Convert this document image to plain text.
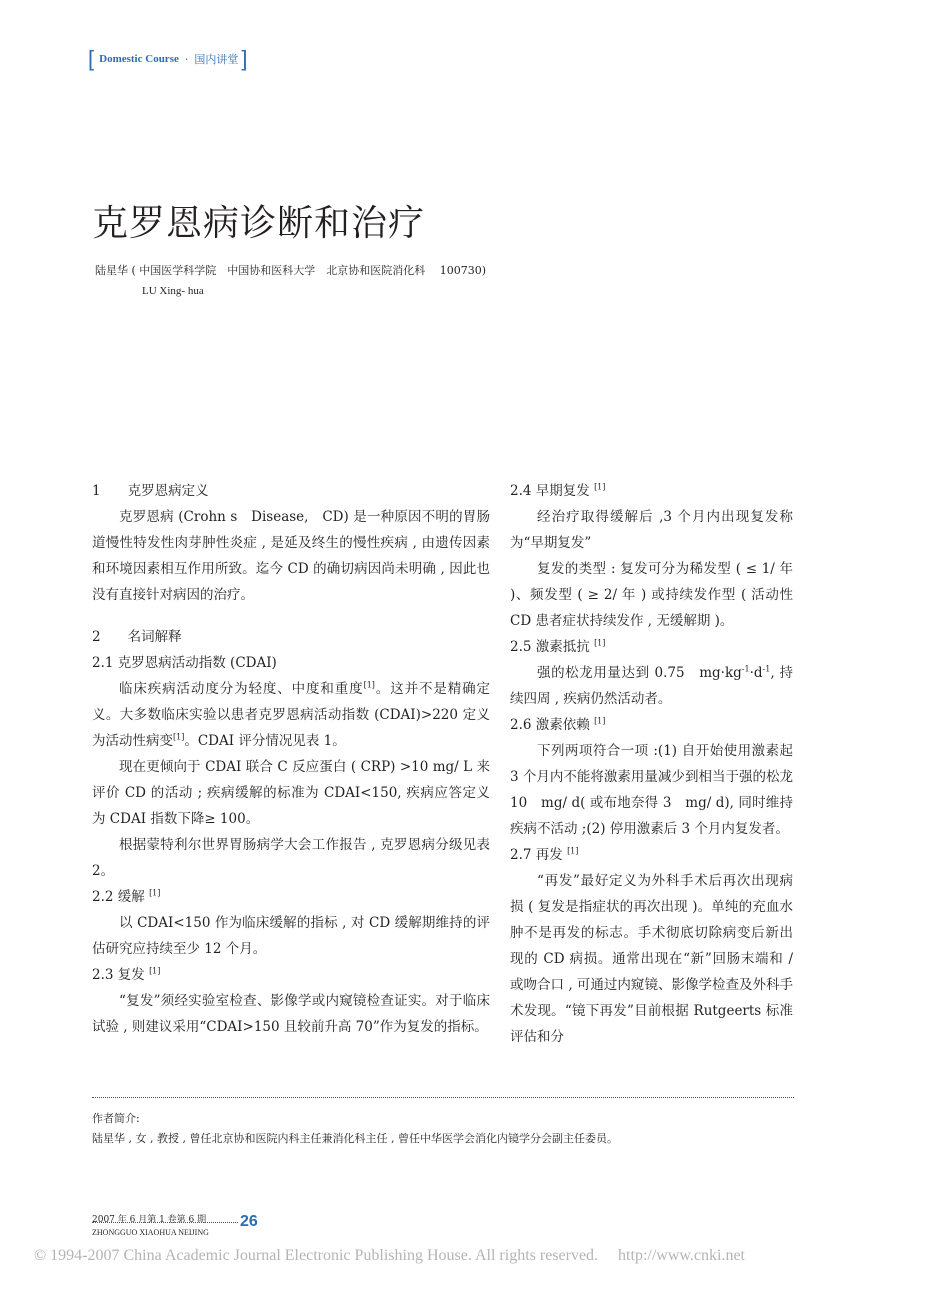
[ Domestic Course · 国内讲堂 ]
克罗恩病诊断和治疗
陆星华 ( 中国医学科学院　中国协和医科大学　北京协和医院消化科　 100730)
LU Xing- hua

1　　克罗恩病定义

克罗恩病 (Crohn s　Disease,　CD) 是一种原因不明的胃肠道慢性特发性肉芽肿性炎症 , 是延及终生的慢性疾病 , 由遗传因素和环境因素相互作用所致。迄今 CD 的确切病因尚未明确 , 因此也没有直接针对病因的治疗。

2　　名词解释

2.1 克罗恩病活动指数 (CDAI)

临床疾病活动度分为轻度、中度和重度[1]。这并不是精确定义。大多数临床实验以患者克罗恩病活动指数 (CDAI)>220 定义为活动性病变[1]。CDAI 评分情况见表 1。

现在更倾向于 CDAI 联合 C 反应蛋白 ( CRP) >10 mg/ L 来评价 CD 的活动 ; 疾病缓解的标准为 CDAI<150, 疾病应答定义为 CDAI 指数下降≥ 100。

根据蒙特利尔世界胃肠病学大会工作报告 , 克罗恩病分级见表 2。

2.2 缓解 [1]

以 CDAI<150 作为临床缓解的指标 , 对 CD 缓解期维持的评估研究应持续至少 12 个月。

2.3 复发 [1]

“复发”须经实验室检查、影像学或内窥镜检查证实。对于临床试验 , 则建议采用“CDAI>150 且较前升高 70”作为复发的指标。

2.4 早期复发 [1]

经治疗取得缓解后 ,3 个月内出现复发称为“早期复发”

复发的类型 : 复发可分为稀发型 ( ≤ 1/ 年 )、频发型 ( ≥ 2/ 年 ) 或持续发作型 ( 活动性 CD 患者症状持续发作 , 无缓解期 )。

2.5 激素抵抗 [1]

强的松龙用量达到 0.75　$mg\cdot kg^{-1}\cdot d^{-1}$, 持续四周 , 疾病仍然活动者。

2.6 激素依赖 [1]

下列两项符合一项 :(1) 自开始使用激素起 3 个月内不能将激素用量减少到相当于强的松龙 10　mg/ d( 或布地奈得 3　mg/ d), 同时维持疾病不活动 ;(2) 停用激素后 3 个月内复发者。

2.7 再发 [1]

“再发”最好定义为外科手术后再次出现病损 ( 复发是指症状的再次出现 )。单纯的充血水肿不是再发的标志。手术彻底切除病变后新出现的 CD 病损。通常出现在“新”回肠末端和 / 或吻合口 , 可通过内窥镜、影像学检查及外科手术发现。“镜下再发”目前根据 Rutgeerts 标准评估和分

作者简介:
陆星华 , 女 , 教授 , 曾任北京协和医院内科主任兼消化科主任 , 曾任中华医学会消化内镜学分会副主任委员。
2007 年 6 月第 1 卷第 6 期
ZHONGGUO XIAOHUA NEIJING
26
© 1994-2007 China Academic Journal Electronic Publishing House. All rights reserved.　 http://www.cnki.net
